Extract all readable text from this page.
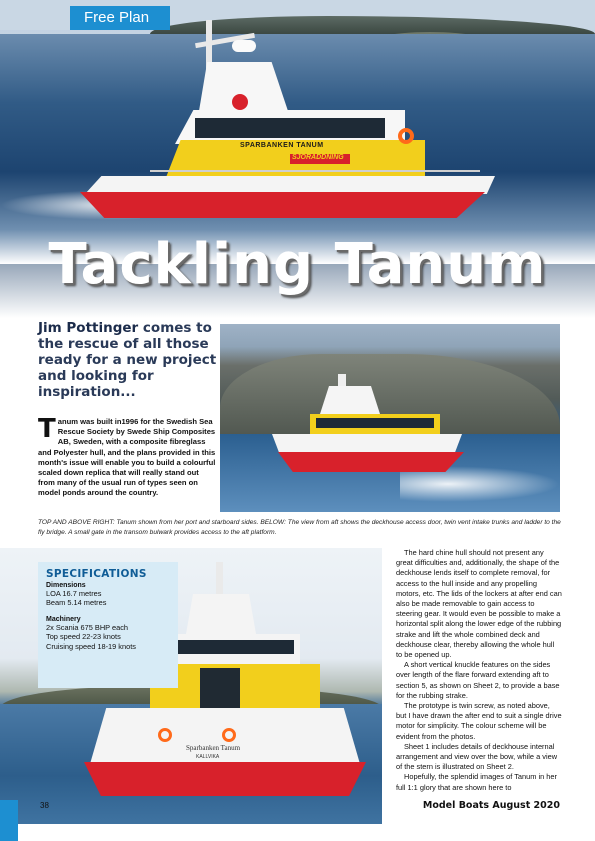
SPARBANKEN TANUM
SJÖRÄDDNING
Free Plan
Tackling Tanum
Jim Pottinger comes to the rescue of all those ready for a new project and looking for inspiration...
T anum was built in1996 for the Swedish Sea Rescue Society by Swede Ship Composites AB, Sweden, with a composite fibreglass and Polyester hull, and the plans provided in this month's issue will enable you to build a colourful scaled down replica that will really stand out from many of the usual run of types seen on model ponds around the country.
TOP AND ABOVE RIGHT: Tanum shown from her port and starboard sides. BELOW: The view from aft shows the deckhouse access door, twin vent intake trunks and ladder to the fly bridge. A small gate in the transom bulwark provides access to the aft platform.
Sparbanken Tanum
KALLVIKA
SPECIFICATIONS
Dimensions
LOA 16.7 metres
Beam 5.14 metres
Machinery
2x Scania 675 BHP each
Top speed 22-23 knots
Cruising speed 18-19 knots

The hard chine hull should not present any great difficulties and, additionally, the shape of the deckhouse lends itself to complete removal, for access to the hull inside and any propelling motors, etc. The lids of the lockers at after end can also be made removable to gain access to steering gear. It would even be possible to make a horizontal split along the lower edge of the rubbing strake and lift the whole combined deck and deckhouse clear, thereby allowing the whole hull to be opened up.

A short vertical knuckle features on the sides over length of the flare forward extending aft to section 5, as shown on Sheet 2, to provide a base for the rubbing strake.

The prototype is twin screw, as noted above, but I have drawn the after end to suit a single drive motor for simplicity. The colour scheme will be evident from the photos.

Sheet 1 includes details of deckhouse internal arrangement and view over the bow, while a view of the stern is illustrated on Sheet 2.

Hopefully, the splendid images of Tanum in her full 1:1 glory that are shown here to

38	Model Boats August 2020
